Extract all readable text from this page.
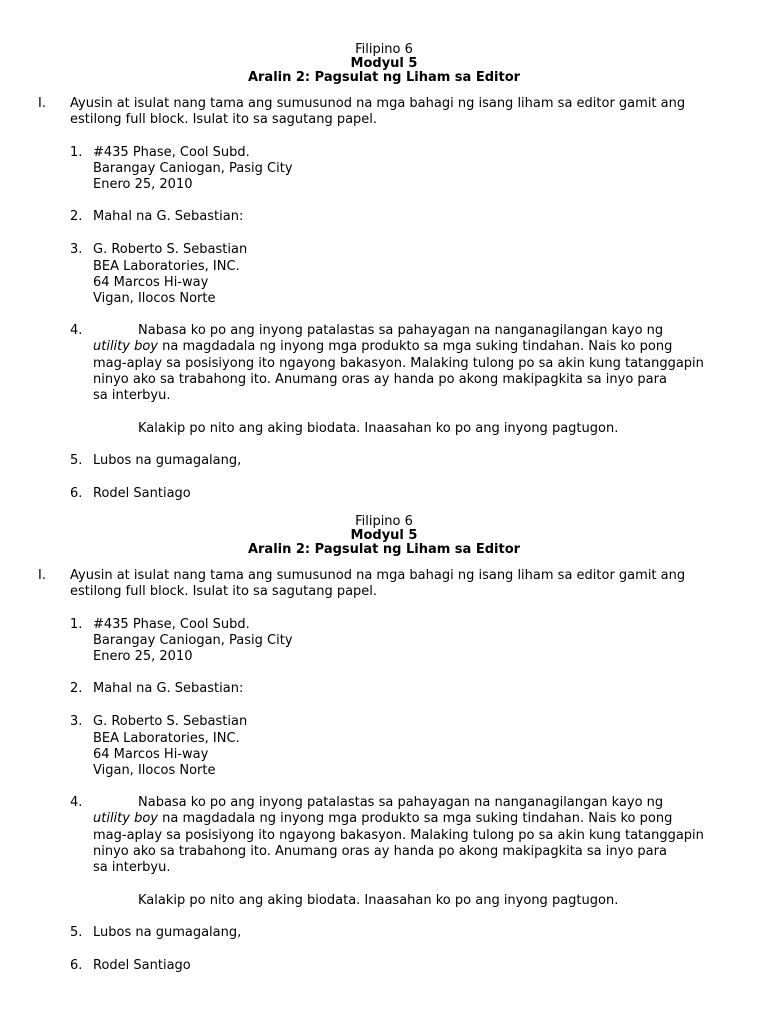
Filipino 6
Modyul 5
Aralin 2: Pagsulat ng Liham sa Editor
I. Ayusin at isulat nang tama ang sumusunod na mga bahagi ng isang liham sa editor gamit ang
estilong full block. Isulat ito sa sagutang papel.
1. #435 Phase, Cool Subd.
Barangay Caniogan, Pasig City
Enero 25, 2010
2. Mahal na G. Sebastian:
3. G. Roberto S. Sebastian
BEA Laboratories, INC.
64 Marcos Hi-way
Vigan, Ilocos Norte
4.	Nabasa ko po ang inyong patalastas sa pahayagan na nanganagilangan kayo ng
utility boy na magdadala ng inyong mga produkto sa mga suking tindahan. Nais ko pong
mag-aplay sa posisiyong ito ngayong bakasyon. Malaking tulong po sa akin kung tatanggapin
ninyo ako sa trabahong ito. Anumang oras ay handa po akong makipagkita sa inyo para
sa interbyu.
Kalakip po nito ang aking biodata. Inaasahan ko po ang inyong pagtugon.
5. Lubos na gumagalang,
6. Rodel Santiago
Filipino 6
Modyul 5
Aralin 2: Pagsulat ng Liham sa Editor
I. Ayusin at isulat nang tama ang sumusunod na mga bahagi ng isang liham sa editor gamit ang
estilong full block. Isulat ito sa sagutang papel.
1. #435 Phase, Cool Subd.
Barangay Caniogan, Pasig City
Enero 25, 2010
2. Mahal na G. Sebastian:
3. G. Roberto S. Sebastian
BEA Laboratories, INC.
64 Marcos Hi-way
Vigan, Ilocos Norte
4.	Nabasa ko po ang inyong patalastas sa pahayagan na nanganagilangan kayo ng
utility boy na magdadala ng inyong mga produkto sa mga suking tindahan. Nais ko pong
mag-aplay sa posisiyong ito ngayong bakasyon. Malaking tulong po sa akin kung tatanggapin
ninyo ako sa trabahong ito. Anumang oras ay handa po akong makipagkita sa inyo para
sa interbyu.
Kalakip po nito ang aking biodata. Inaasahan ko po ang inyong pagtugon.
5. Lubos na gumagalang,
6. Rodel Santiago
